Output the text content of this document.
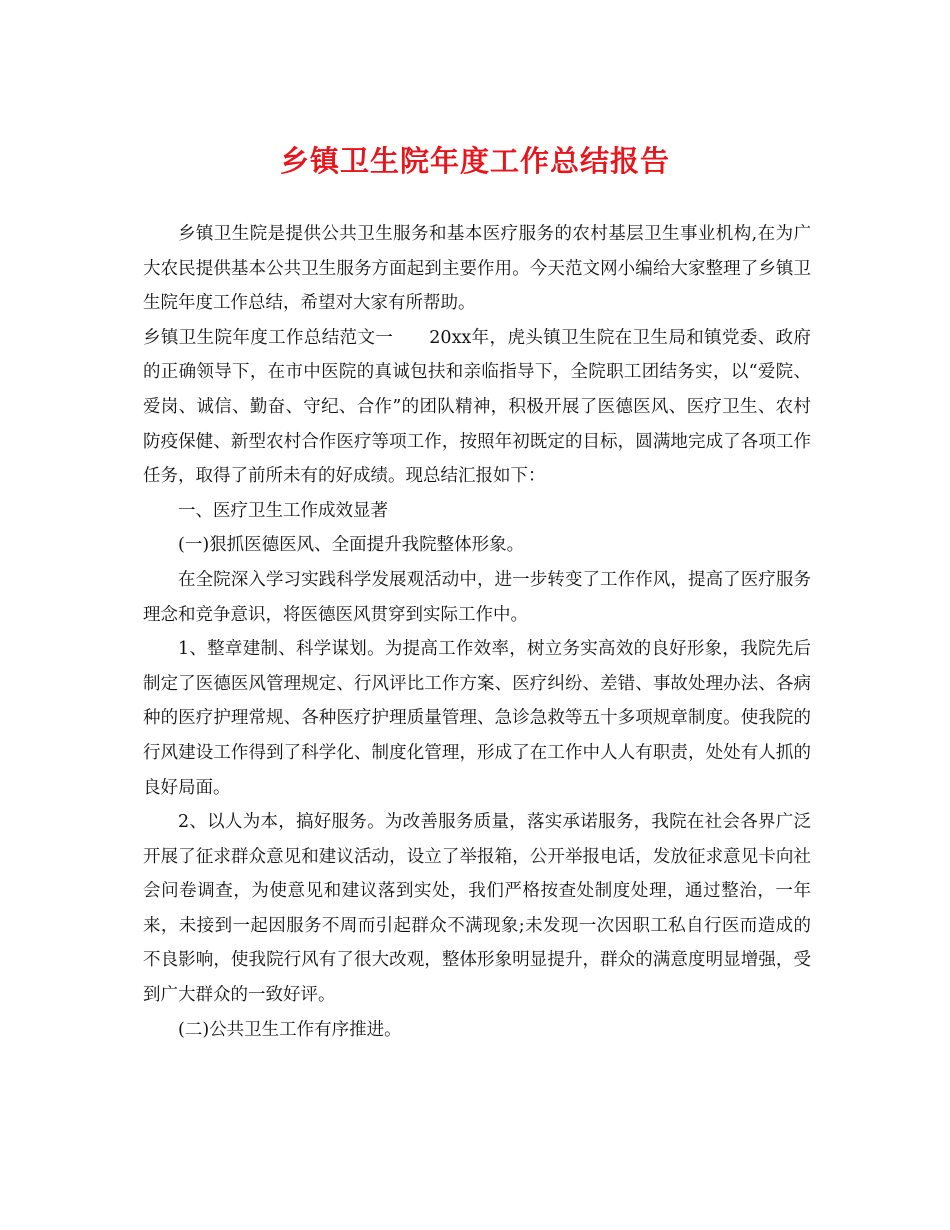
乡镇卫生院年度工作总结报告

乡镇卫生院是提供公共卫生服务和基本医疗服务的农村基层卫生事业机构,在为广大农民提供基本公共卫生服务方面起到主要作用。今天范文网小编给大家整理了乡镇卫生院年度工作总结，希望对大家有所帮助。

乡镇卫生院年度工作总结范文一 20xx年，虎头镇卫生院在卫生局和镇党委、政府的正确领导下，在市中医院的真诚包扶和亲临指导下，全院职工团结务实，以“爱院、爱岗、诚信、勤奋、守纪、合作”的团队精神，积极开展了医德医风、医疗卫生、农村防疫保健、新型农村合作医疗等项工作，按照年初既定的目标，圆满地完成了各项工作任务，取得了前所未有的好成绩。现总结汇报如下：

一、医疗卫生工作成效显著

(一)狠抓医德医风、全面提升我院整体形象。

在全院深入学习实践科学发展观活动中，进一步转变了工作作风，提高了医疗服务理念和竞争意识，将医德医风贯穿到实际工作中。

1、整章建制、科学谋划。为提高工作效率，树立务实高效的良好形象，我院先后制定了医德医风管理规定、行风评比工作方案、医疗纠纷、差错、事故处理办法、各病种的医疗护理常规、各种医疗护理质量管理、急诊急救等五十多项规章制度。使我院的行风建设工作得到了科学化、制度化管理，形成了在工作中人人有职责，处处有人抓的良好局面。

2、以人为本，搞好服务。为改善服务质量，落实承诺服务，我院在社会各界广泛开展了征求群众意见和建议活动，设立了举报箱，公开举报电话，发放征求意见卡向社会问卷调查，为使意见和建议落到实处，我们严格按查处制度处理，通过整治，一年来，未接到一起因服务不周而引起群众不满现象;未发现一次因职工私自行医而造成的不良影响，使我院行风有了很大改观，整体形象明显提升，群众的满意度明显增强，受到广大群众的一致好评。

(二)公共卫生工作有序推进。
